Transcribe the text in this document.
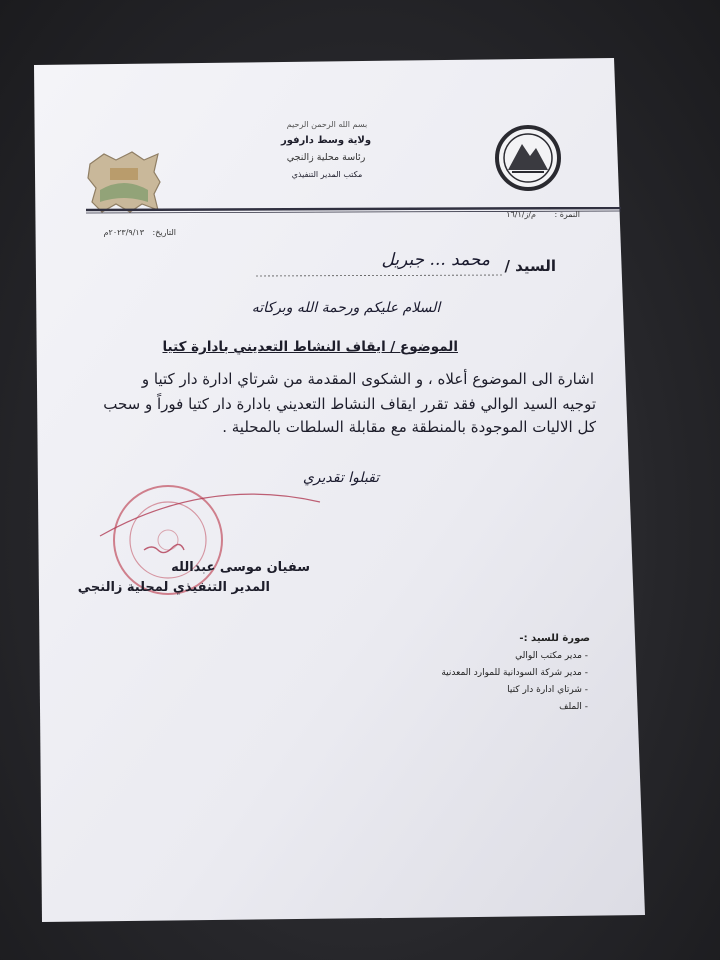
بسم الله الرحمن الرحيم
ولاية وسط دارفور
رئاسة محلية زالنجي
مكتب المدير التنفيذي
النمرة :
م/ز/١٦/١
التاريخ:
٢٠٢٣/٩/١٣م
السيد /
محمد ... جبريل
السلام عليكم ورحمة الله وبركاته
الموضوع / ايقاف النشاط التعديني بادارة كتيا
اشارة الى الموضوع أعلاه ، و الشكوى المقدمة من شرتاي ادارة دار كتيا و
توجيه السيد الوالي فقد تقرر ايقاف النشاط التعديني بادارة دار كتيا فوراً و سحب
كل الاليات الموجودة بالمنطقة مع مقابلة السلطات بالمحلية .
تقبلوا تقديري
سفيان موسى عبدالله
المدير التنفيذي لمحلية زالنجي
صورة للسيد :-
- مدير مكتب الوالي
- مدير شركة السودانية للموارد المعدنية
- شرتاي ادارة دار كتيا
- الملف
